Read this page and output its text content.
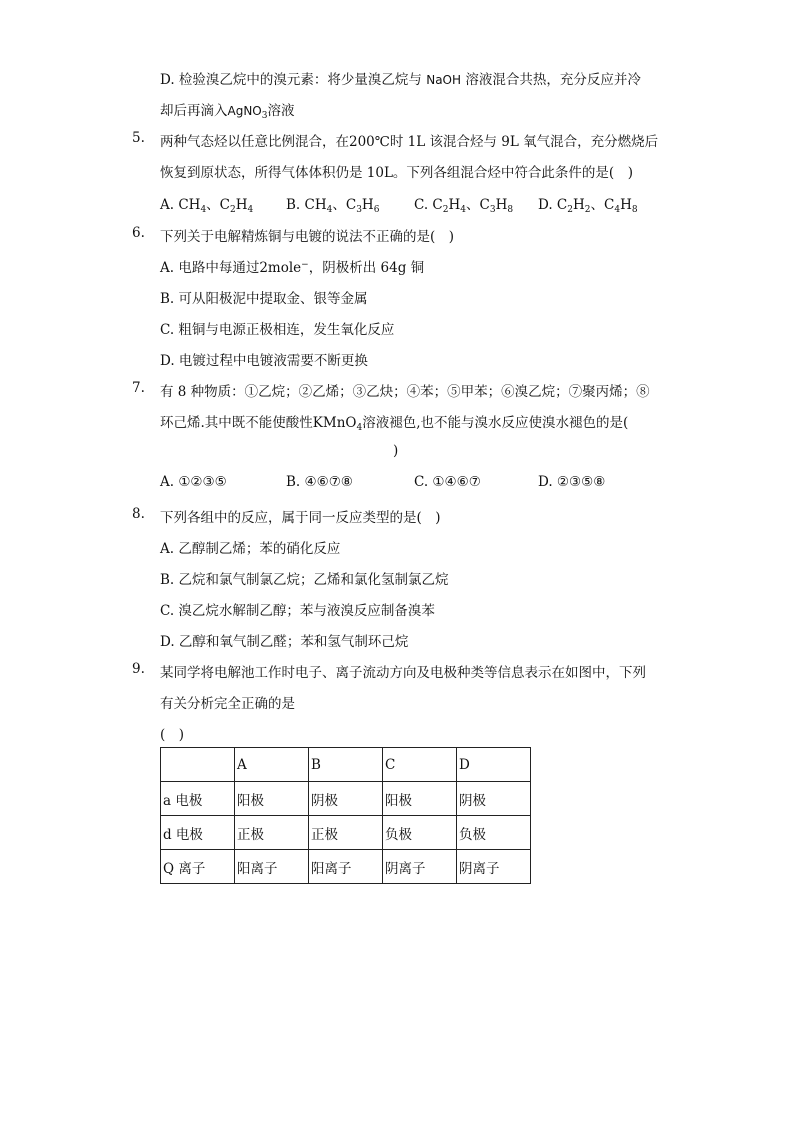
D. 检验溴乙烷中的溴元素：将少量溴乙烷与 NaOH 溶液混合共热，充分反应并冷
却后再滴入AgNO$_3$溶液
5. 两种气态烃以任意比例混合，在200℃时 1L 该混合烃与 9L 氧气混合，充分燃烧后
恢复到原状态，所得气体体积仍是 10L。下列各组混合烃中符合此条件的是(　)
A. $CH_4$、$C_2H_4$ B. $CH_4$、$C_3H_6$	C. $C_2H_4$、$C_3H_8$ D. $C_2H_2$、$C_4H_8$
6. 下列关于电解精炼铜与电镀的说法不正确的是(　)
A. 电路中每通过2mole−，阴极析出 64g 铜
B. 可从阳极泥中提取金、银等金属
C. 粗铜与电源正极相连，发生氧化反应
D. 电镀过程中电镀液需要不断更换
7. 有 8 种物质：①乙烷；②乙烯；③乙炔；④苯；⑤甲苯；⑥溴乙烷；⑦聚丙烯；⑧
环己烯.其中既不能使酸性KMnO$_4$溶液褪色,也不能与溴水反应使溴水褪色的是(
)
A. ①②③⑤	B. ④⑥⑦⑧	C. ①④⑥⑦	D. ②③⑤⑧
8. 下列各组中的反应，属于同一反应类型的是(　)
A. 乙醇制乙烯；苯的硝化反应
B. 乙烷和氯气制氯乙烷；乙烯和氯化氢制氯乙烷
C. 溴乙烷水解制乙醇；苯与液溴反应制备溴苯
D. 乙醇和氧气制乙醛；苯和氢气制环己烷
9. 某同学将电解池工作时电子、离子流动方向及电极种类等信息表示在如图中，下列
有关分析完全正确的是
(　)
	A	B	C	D
a 电极	阳极	阴极	阳极	阴极
d 电极	正极	正极	负极	负极
Q 离子	阳离子	阳离子	阴离子	阴离子
